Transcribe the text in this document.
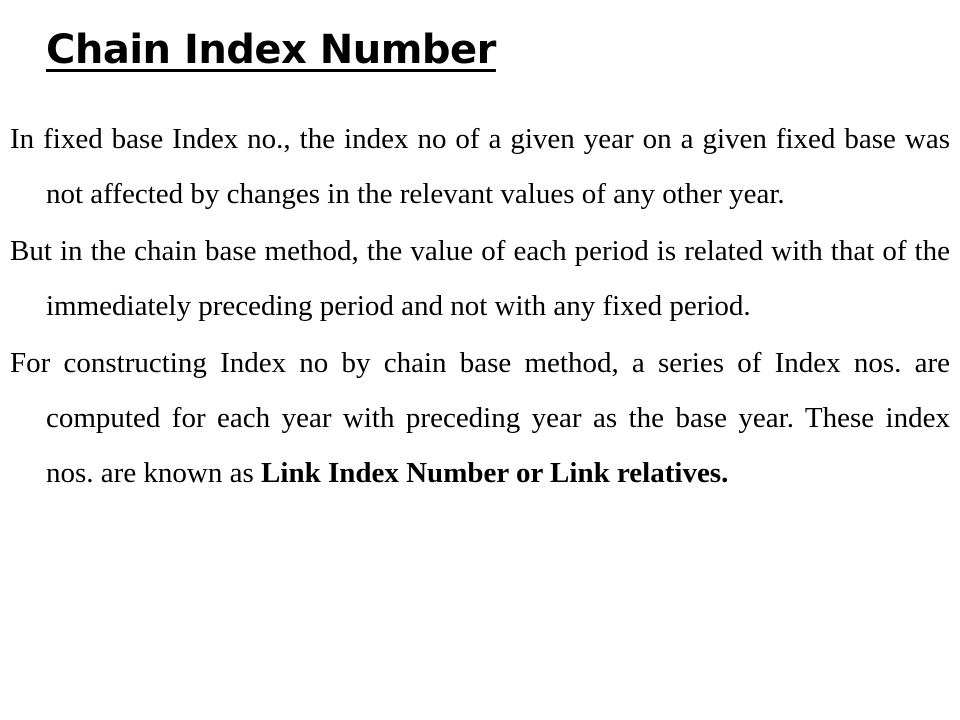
Chain Index Number

In fixed base Index no., the index no of a given year on a given fixed base was not affected by changes in the relevant values of any other year.

But in the chain base method, the value of each period is related with that of the immediately preceding period and not with any fixed period.

For constructing Index no by chain base method, a series of Index nos. are computed for each year with preceding year as the base year. These index nos. are known as Link Index Number or Link relatives.
